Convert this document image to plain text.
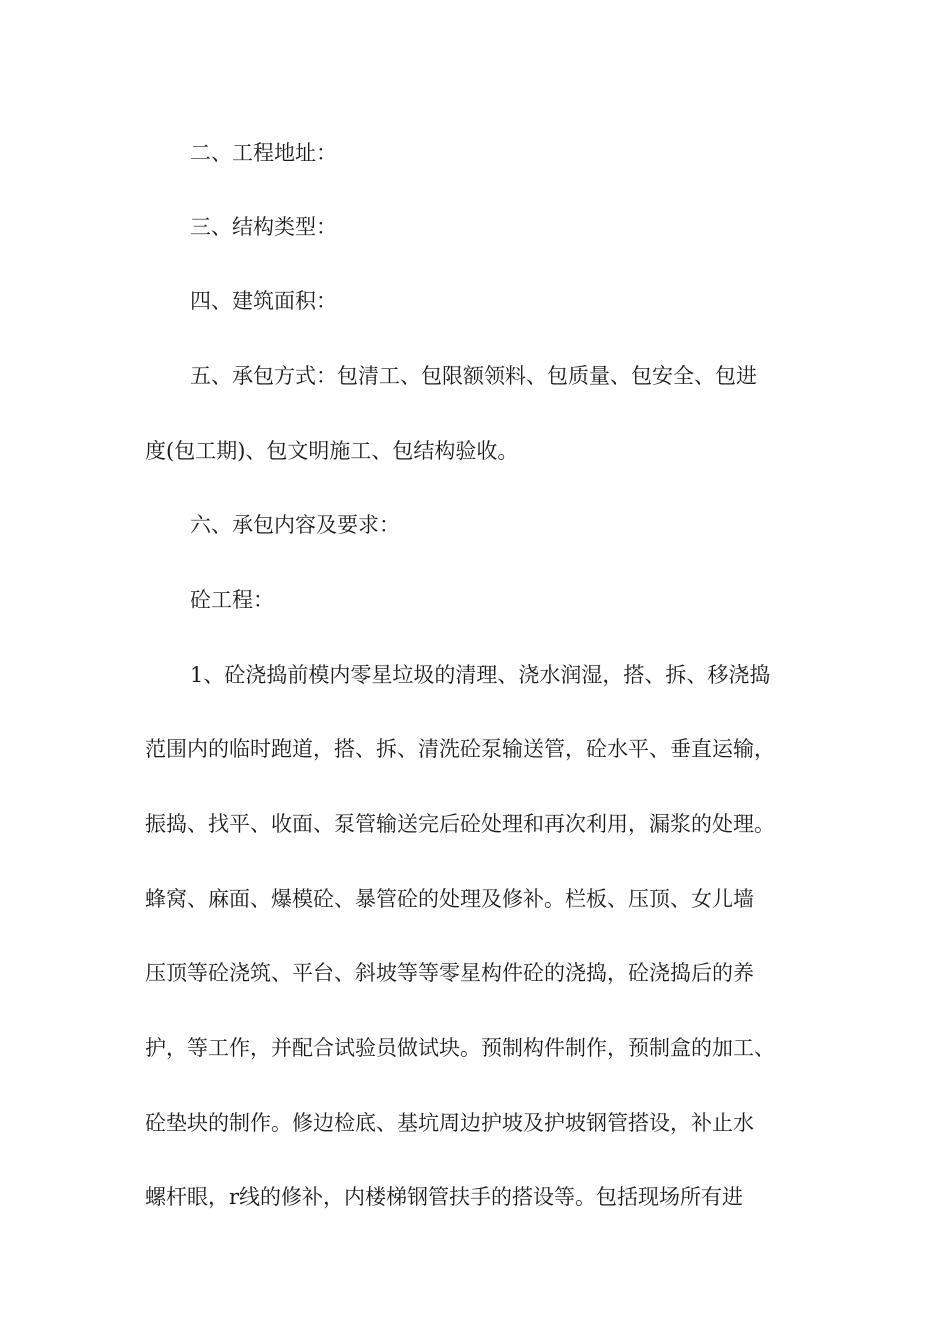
二、工程地址：
三、结构类型：
四、建筑面积：
五、承包方式：包清工、包限额领料、包质量、包安全、包进
度(包工期)、包文明施工、包结构验收。
六、承包内容及要求：
砼工程：
1、砼浇捣前模内零星垃圾的清理、浇水润湿，搭、拆、移浇捣
范围内的临时跑道，搭、拆、清洗砼泵输送管，砼水平、垂直运输，
振捣、找平、收面、泵管输送完后砼处理和再次利用，漏浆的处理。
蜂窝、麻面、爆模砼、暴管砼的处理及修补。栏板、压顶、女儿墙
压顶等砼浇筑、平台、斜坡等等零星构件砼的浇捣，砼浇捣后的养
护，等工作，并配合试验员做试块。预制构件制作，预制盒的加工、
砼垫块的制作。修边检底、基坑周边护坡及护坡钢管搭设，补止水
螺杆眼，r线的修补，内楼梯钢管扶手的搭设等。包括现场所有进
